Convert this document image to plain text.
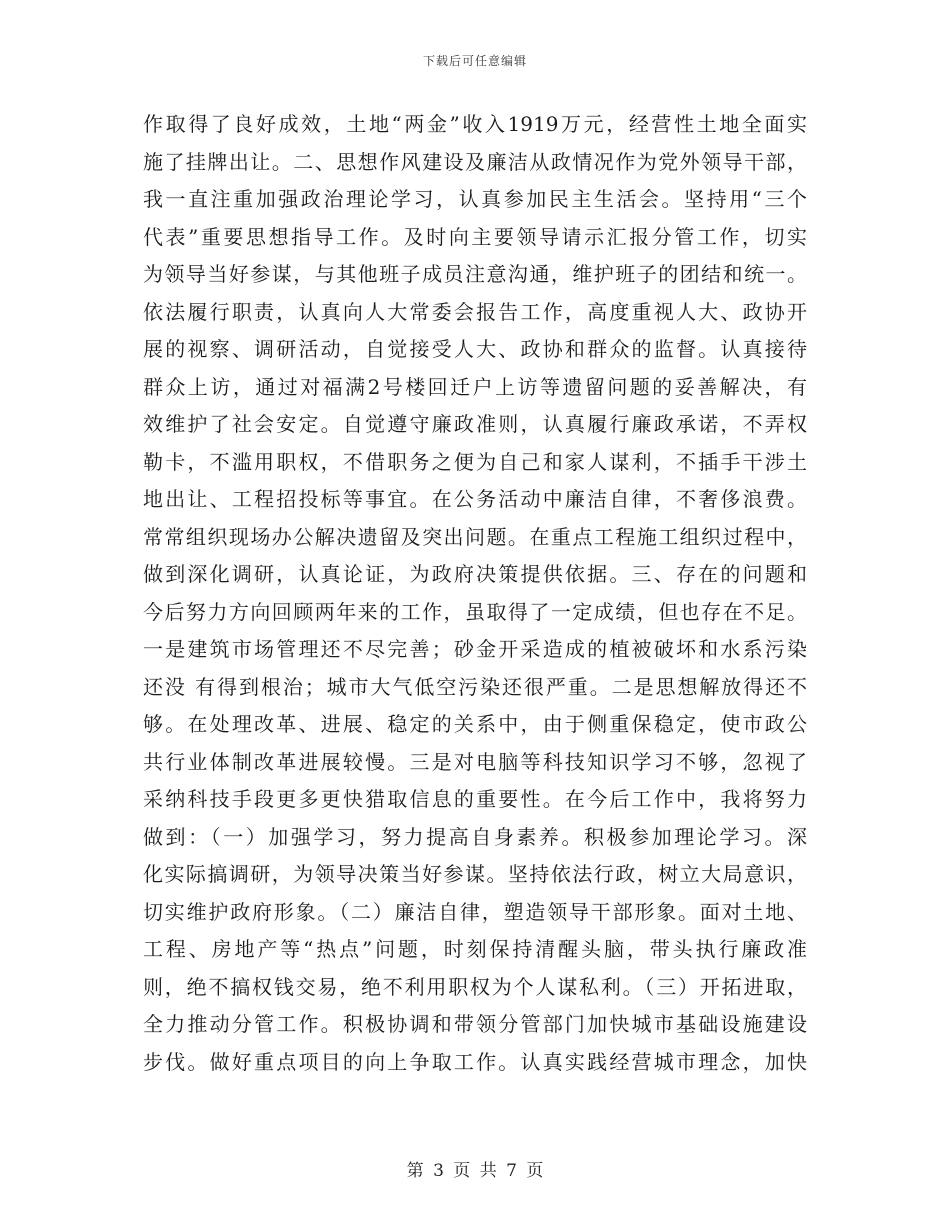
下载后可任意编辑
作取得了良好成效，土地“两金”收入1919万元，经营性土地全面实
施了挂牌出让。二、思想作风建设及廉洁从政情况作为党外领导干部，
我一直注重加强政治理论学习，认真参加民主生活会。坚持用“三个
代表”重要思想指导工作。及时向主要领导请示汇报分管工作，切实
为领导当好参谋，与其他班子成员注意沟通，维护班子的团结和统一。
依法履行职责，认真向人大常委会报告工作，高度重视人大、政协开
展的视察、调研活动，自觉接受人大、政协和群众的监督。认真接待
群众上访，通过对福满2号楼回迁户上访等遗留问题的妥善解决，有
效维护了社会安定。自觉遵守廉政准则，认真履行廉政承诺，不弄权
勒卡，不滥用职权，不借职务之便为自己和家人谋利，不插手干涉土
地出让、工程招投标等事宜。在公务活动中廉洁自律，不奢侈浪费。
常常组织现场办公解决遗留及突出问题。在重点工程施工组织过程中，
做到深化调研，认真论证，为政府决策提供依据。三、存在的问题和
今后努力方向回顾两年来的工作，虽取得了一定成绩，但也存在不足。
一是建筑市场管理还不尽完善；砂金开采造成的植被破坏和水系污染
还没 有得到根治；城市大气低空污染还很严重。二是思想解放得还不
够。在处理改革、进展、稳定的关系中，由于侧重保稳定，使市政公
共行业体制改革进展较慢。三是对电脑等科技知识学习不够，忽视了
采纳科技手段更多更快猎取信息的重要性。在今后工作中，我将努力
做到：（一）加强学习，努力提高自身素养。积极参加理论学习。深
化实际搞调研，为领导决策当好参谋。坚持依法行政，树立大局意识，
切实维护政府形象。（二）廉洁自律，塑造领导干部形象。面对土地、
工程、房地产等“热点”问题，时刻保持清醒头脑，带头执行廉政准
则，绝不搞权钱交易，绝不利用职权为个人谋私利。（三）开拓进取，
全力推动分管工作。积极协调和带领分管部门加快城市基础设施建设
步伐。做好重点项目的向上争取工作。认真实践经营城市理念，加快
第 3 页 共 7 页
